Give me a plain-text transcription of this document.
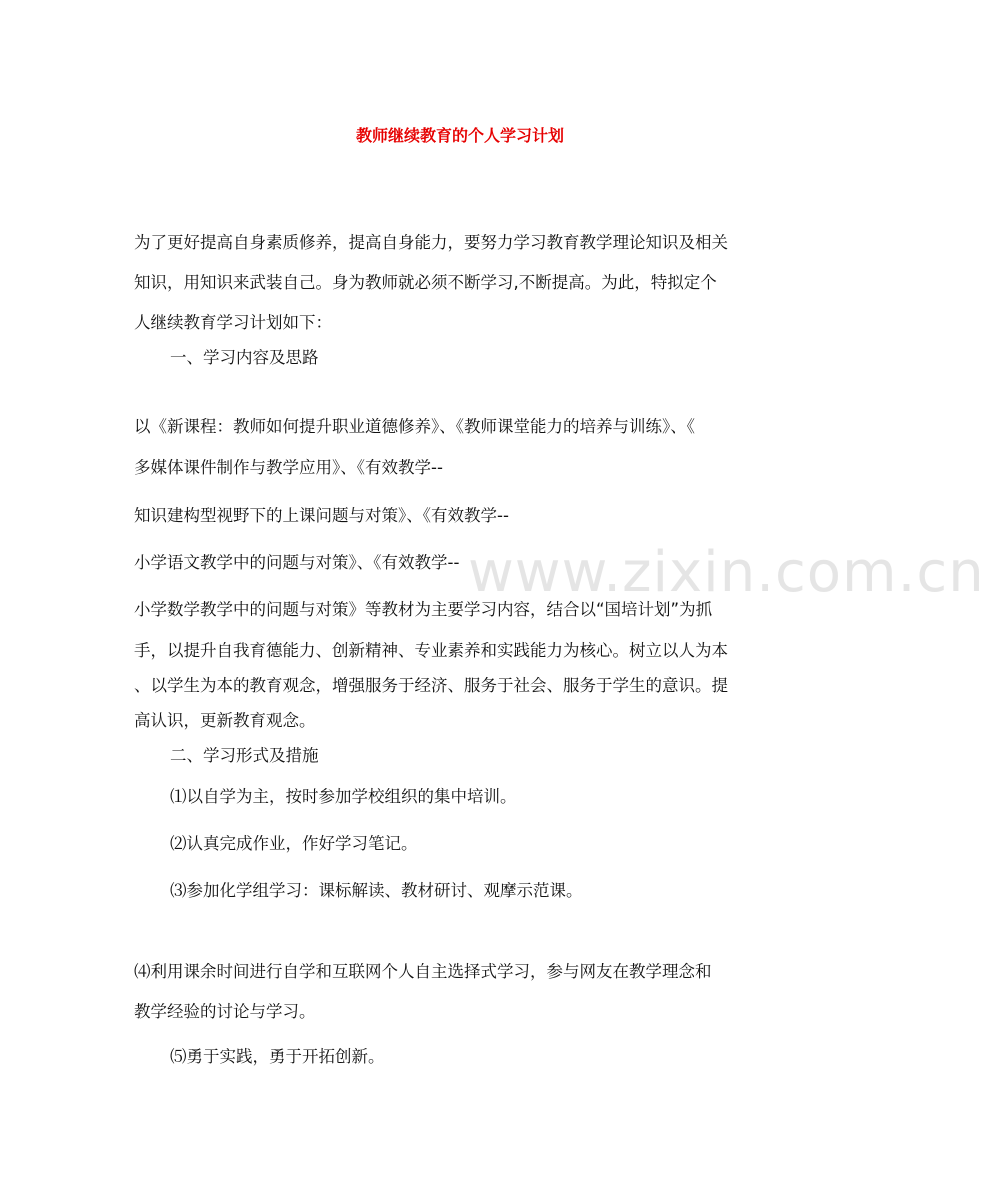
教师继续教育的个人学习计划
为了更好提高自身素质修养，提高自身能力，要努力学习教育教学理论知识及相关
知识，用知识来武装自己。身为教师就必须不断学习,不断提高。为此，特拟定个
人继续教育学习计划如下：
一、学习内容及思路
以《新课程：教师如何提升职业道德修养》、《教师课堂能力的培养与训练》、《
多媒体课件制作与教学应用》、《有效教学--
知识建构型视野下的上课问题与对策》、《有效教学--
小学语文教学中的问题与对策》、《有效教学--
小学数学教学中的问题与对策》等教材为主要学习内容，结合以“国培计划”为抓
手，以提升自我育德能力、创新精神、专业素养和实践能力为核心。树立以人为本
、以学生为本的教育观念，增强服务于经济、服务于社会、服务于学生的意识。提
高认识，更新教育观念。
二、学习形式及措施
⑴以自学为主，按时参加学校组织的集中培训。
⑵认真完成作业，作好学习笔记。
⑶参加化学组学习：课标解读、教材研讨、观摩示范课。
⑷利用课余时间进行自学和互联网个人自主选择式学习，参与网友在教学理念和
教学经验的讨论与学习。
⑸勇于实践，勇于开拓创新。
www.zixin.com.cn
